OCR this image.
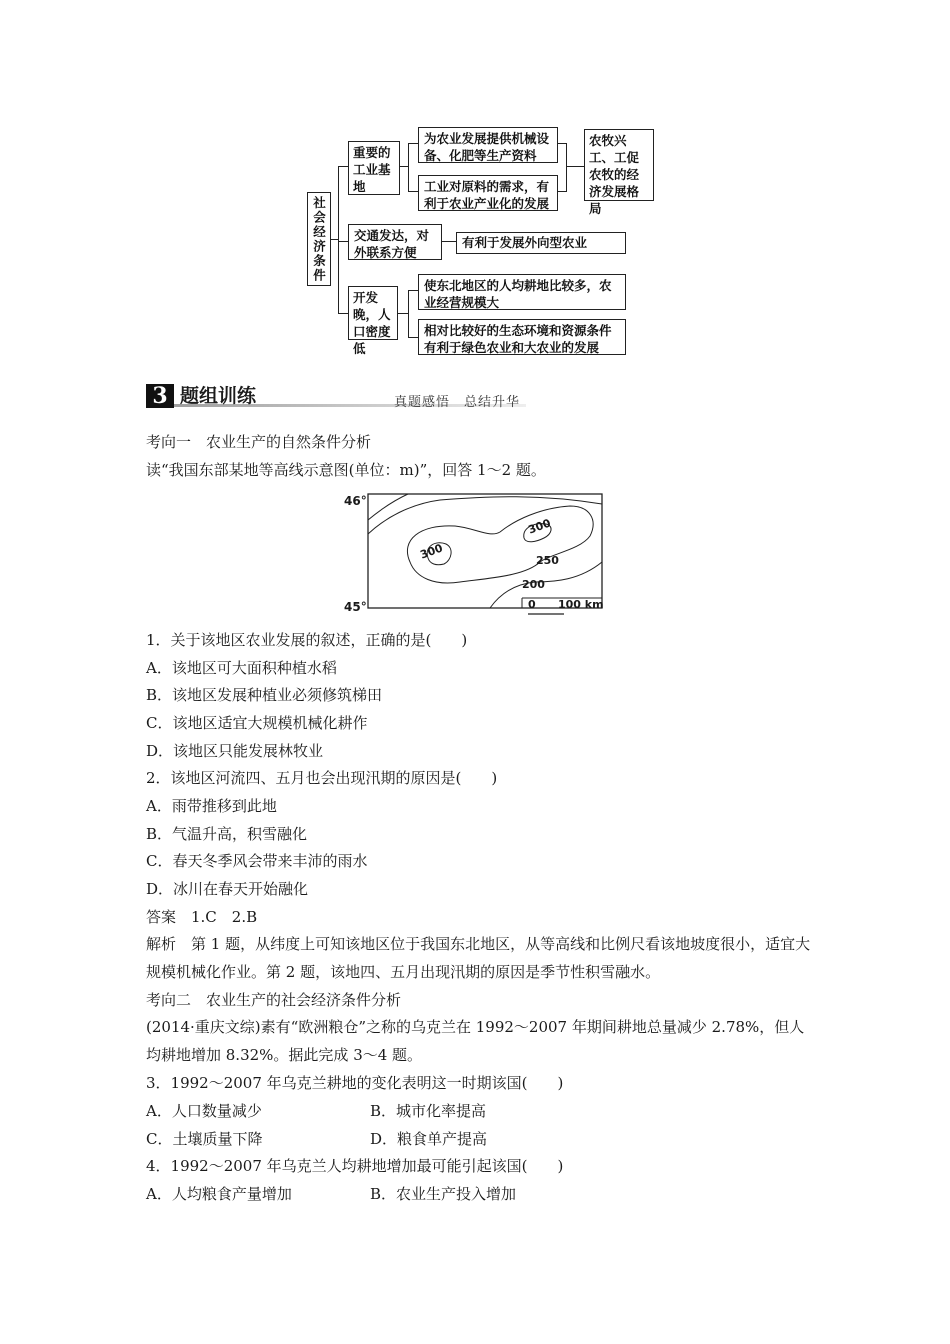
社会经济条件
重要的工业基地
交通发达，对外联系方便
开发晚，人口密度低
为农业发展提供机械设备、化肥等生产资料
工业对原料的需求，有利于农业产业化的发展
农牧兴工、工促农牧的经济发展格局
有利于发展外向型农业
使东北地区的人均耕地比较多，农业经营规模大
相对比较好的生态环境和资源条件有利于绿色农业和大农业的发展
3 题组训练	真题感悟　总结升华
考向一　农业生产的自然条件分析
读“我国东部某地等高线示意图(单位：m)”，回答 1～2 题。
46°
45°
300
300
250
200
0 100 km
1．关于该地区农业发展的叙述，正确的是(　　)
A．该地区可大面积种植水稻
B．该地区发展种植业必须修筑梯田
C．该地区适宜大规模机械化耕作
D．该地区只能发展林牧业
2．该地区河流四、五月也会出现汛期的原因是(　　)
A．雨带推移到此地
B．气温升高，积雪融化
C．春天冬季风会带来丰沛的雨水
D．冰川在春天开始融化
答案　1.C　2.B
解析　第 1 题，从纬度上可知该地区位于我国东北地区，从等高线和比例尺看该地坡度很小，适宜大规模机械化作业。第 2 题，该地四、五月出现汛期的原因是季节性积雪融水。
考向二　农业生产的社会经济条件分析
(2014·重庆文综)素有“欧洲粮仓”之称的乌克兰在 1992～2007 年期间耕地总量减少 2.78%，但人均耕地增加 8.32%。据此完成 3～4 题。
3．1992～2007 年乌克兰耕地的变化表明这一时期该国(　　)
A．人口数量减少	B．城市化率提高
C．土壤质量下降	D．粮食单产提高
4．1992～2007 年乌克兰人均耕地增加最可能引起该国(　　)
A．人均粮食产量增加	B．农业生产投入增加
